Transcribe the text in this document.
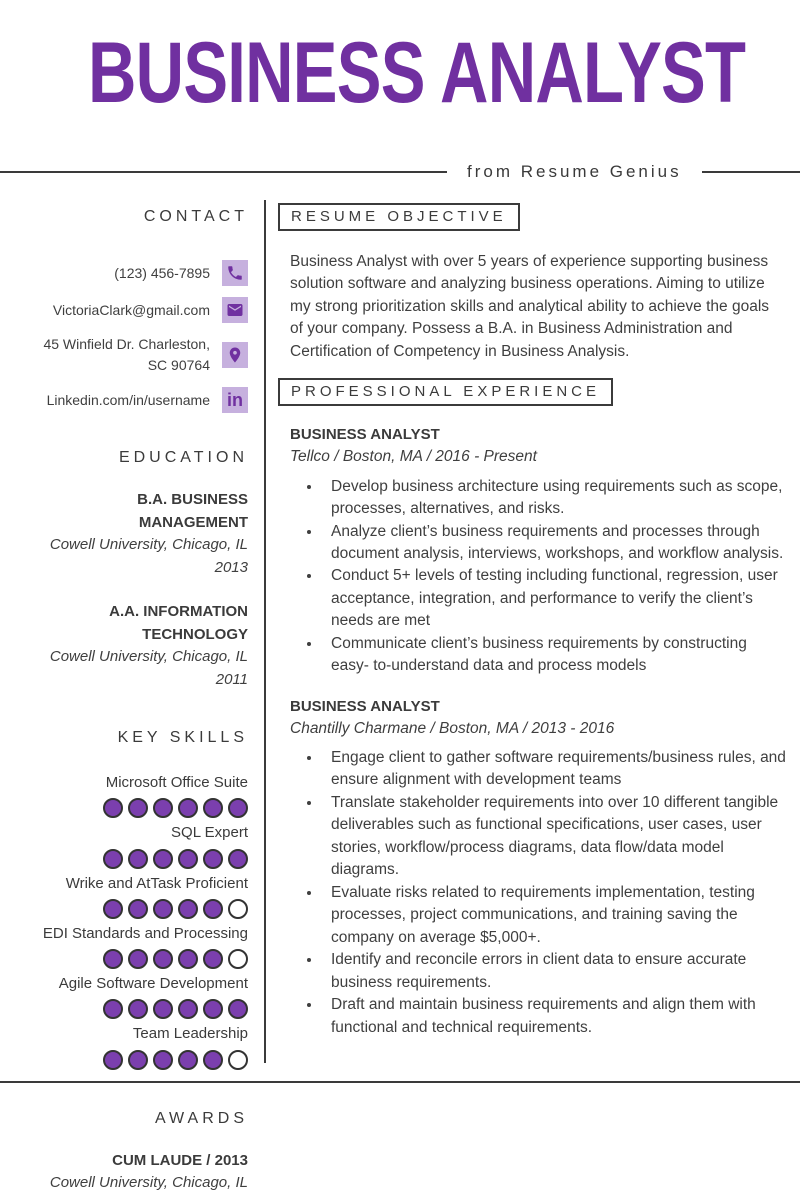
BUSINESS ANALYST
from Resume Genius
CONTACT
(123) 456-7895
VictoriaClark@gmail.com
45 Winfield Dr. Charleston, SC 90764
Linkedin.com/in/username in
EDUCATION
B.A. BUSINESS MANAGEMENT
Cowell University, Chicago, IL
2013
A.A. INFORMATION TECHNOLOGY
Cowell University, Chicago, IL
2011
KEY SKILLS
Microsoft Office Suite
SQL Expert
Wrike and AtTask Proficient
EDI Standards and Processing
Agile Software Development
Team Leadership
AWARDS
CUM LAUDE / 2013
Cowell University, Chicago, IL
RESUME OBJECTIVE

Business Analyst with over 5 years of experience supporting business solution software and analyzing business operations. Aiming to utilize my strong prioritization skills and analytical ability to achieve the goals of your company. Possess a B.A. in Business Administration and Certification of Competency in Business Analysis.

PROFESSIONAL EXPERIENCE
BUSINESS ANALYST
Tellco / Boston, MA / 2016 - Present
• Develop business architecture using requirements such as scope, processes, alternatives, and risks.
• Analyze client’s business requirements and processes through document analysis, interviews, workshops, and workflow analysis.
• Conduct 5+ levels of testing including functional, regression, user acceptance, integration, and performance to verify the client’s needs are met
• Communicate client’s business requirements by constructing easy- to-understand data and process models
BUSINESS ANALYST
Chantilly Charmane / Boston, MA / 2013 - 2016
• Engage client to gather software requirements/business rules, and ensure alignment with development teams
• Translate stakeholder requirements into over 10 different tangible deliverables such as functional specifications, user cases, user stories, workflow/process diagrams, data flow/data model diagrams.
• Evaluate risks related to requirements implementation, testing processes, project communications, and training saving the company on average $5,000+.
• Identify and reconcile errors in client data to ensure accurate business requirements.
• Draft and maintain business requirements and align them with functional and technical requirements.
